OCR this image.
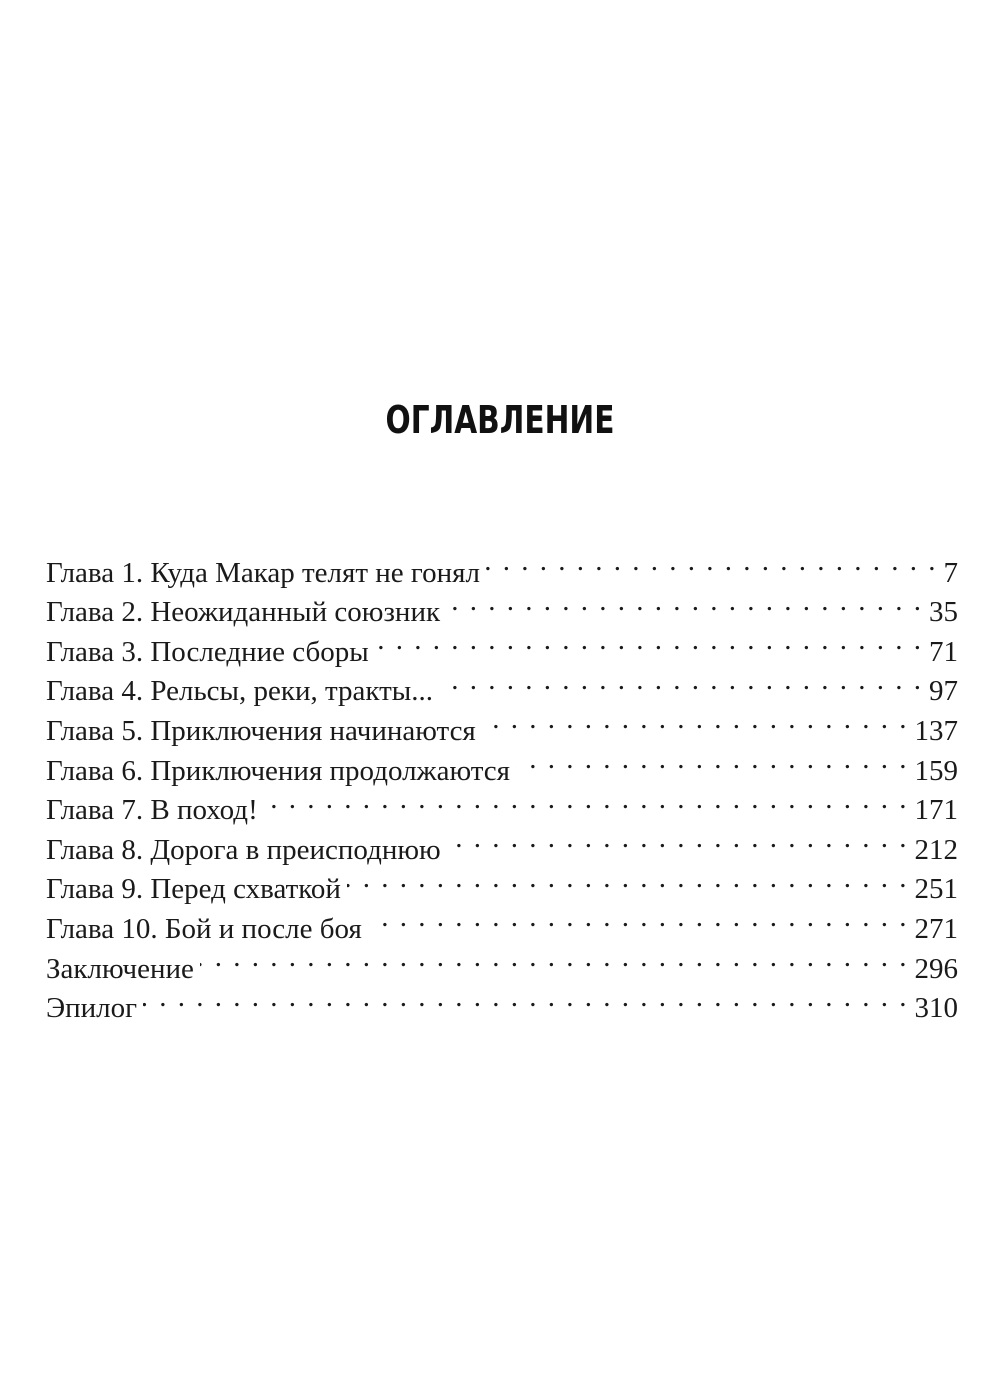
ОГЛАВЛЕНИЕ
Глава 1. Куда Макар телят не гонял . . .	7
Глава 2. Неожиданный союзник . . .	35
Глава 3. Последние сборы . . .	71
Глава 4. Рельсы, реки, тракты... . . .	97
Глава 5. Приключения начинаются . . .	137
Глава 6. Приключения продолжаются . . .	159
Глава 7. В поход! . . .	171
Глава 8. Дорога в преисподнюю . . .	212
Глава 9. Перед схваткой . . .	251
Глава 10. Бой и после боя . . .	271
Заключение . . .	296
Эпилог . . .	310
